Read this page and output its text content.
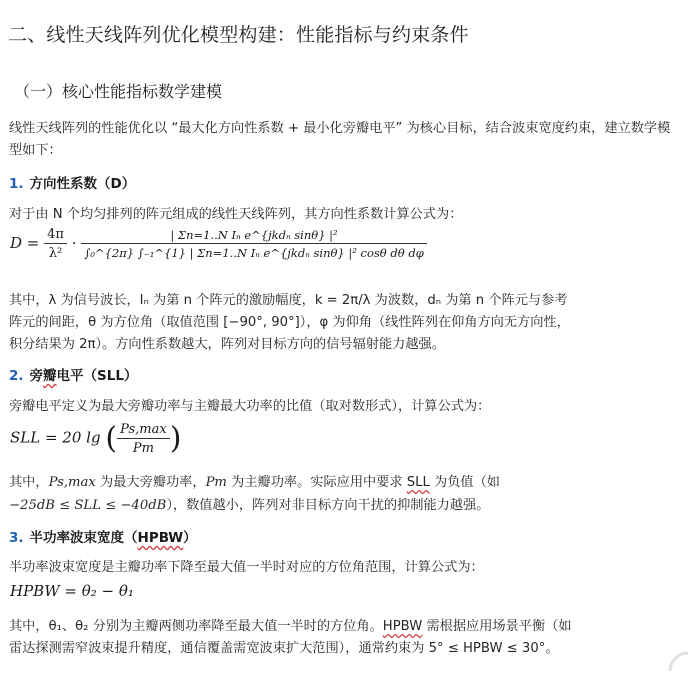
二、线性天线阵列优化模型构建：性能指标与约束条件
（一）核心性能指标数学建模
线性天线阵列的性能优化以 “最大化方向性系数 + 最小化旁瓣电平” 为核心目标，结合波束宽度约束，建立数学模型如下：
1. 方向性系数（D）
对于由 N 个均匀排列的阵元组成的线性天线阵列，其方向性系数计算公式为：
$D = \frac{4\pi}{\text{λ²}} \cdot \frac{\text{| Σn=1..N Iₙ e\textasciicircum{}\{jkdₙ sinθ\} |²}}{\text{∫₀\textasciicircum{}\{2π\} ∫₋₁\textasciicircum{}\{1\} | Σn=1..N Iₙ e\textasciicircum{}\{jkdₙ sinθ\} |² cosθ dθ dφ}}$
其中，λ 为信号波长，Iₙ 为第 n 个阵元的激励幅度，k = 2π/λ 为波数，dₙ 为第 n 个阵元与参考
阵元的间距，θ 为方位角（取值范围 [−90°, 90°]），φ 为仰角（线性阵列在仰角方向无方向性，
积分结果为 2π）。方向性系数越大，阵列对目标方向的信号辐射能力越强。
2. 旁瓣电平（SLL）
旁瓣电平定义为最大旁瓣功率与主瓣最大功率的比值（取对数形式），计算公式为：
SLL = 20 lg ( $\frac{Ps,\max}{Pm}$ )
其中，Ps,max 为最大旁瓣功率，Pm 为主瓣功率。实际应用中要求 SLL 为负值（如
−25dB ≤ SLL ≤ −40dB），数值越小，阵列对非目标方向干扰的抑制能力越强。
3. 半功率波束宽度（HPBW）
半功率波束宽度是主瓣功率下降至最大值一半时对应的方位角范围，计算公式为：
HPBW = θ₂ − θ₁
其中，θ₁、θ₂ 分别为主瓣两侧功率降至最大值一半时的方位角。HPBW 需根据应用场景平衡（如
雷达探测需窄波束提升精度，通信覆盖需宽波束扩大范围），通常约束为 5° ≤ HPBW ≤ 30°。
